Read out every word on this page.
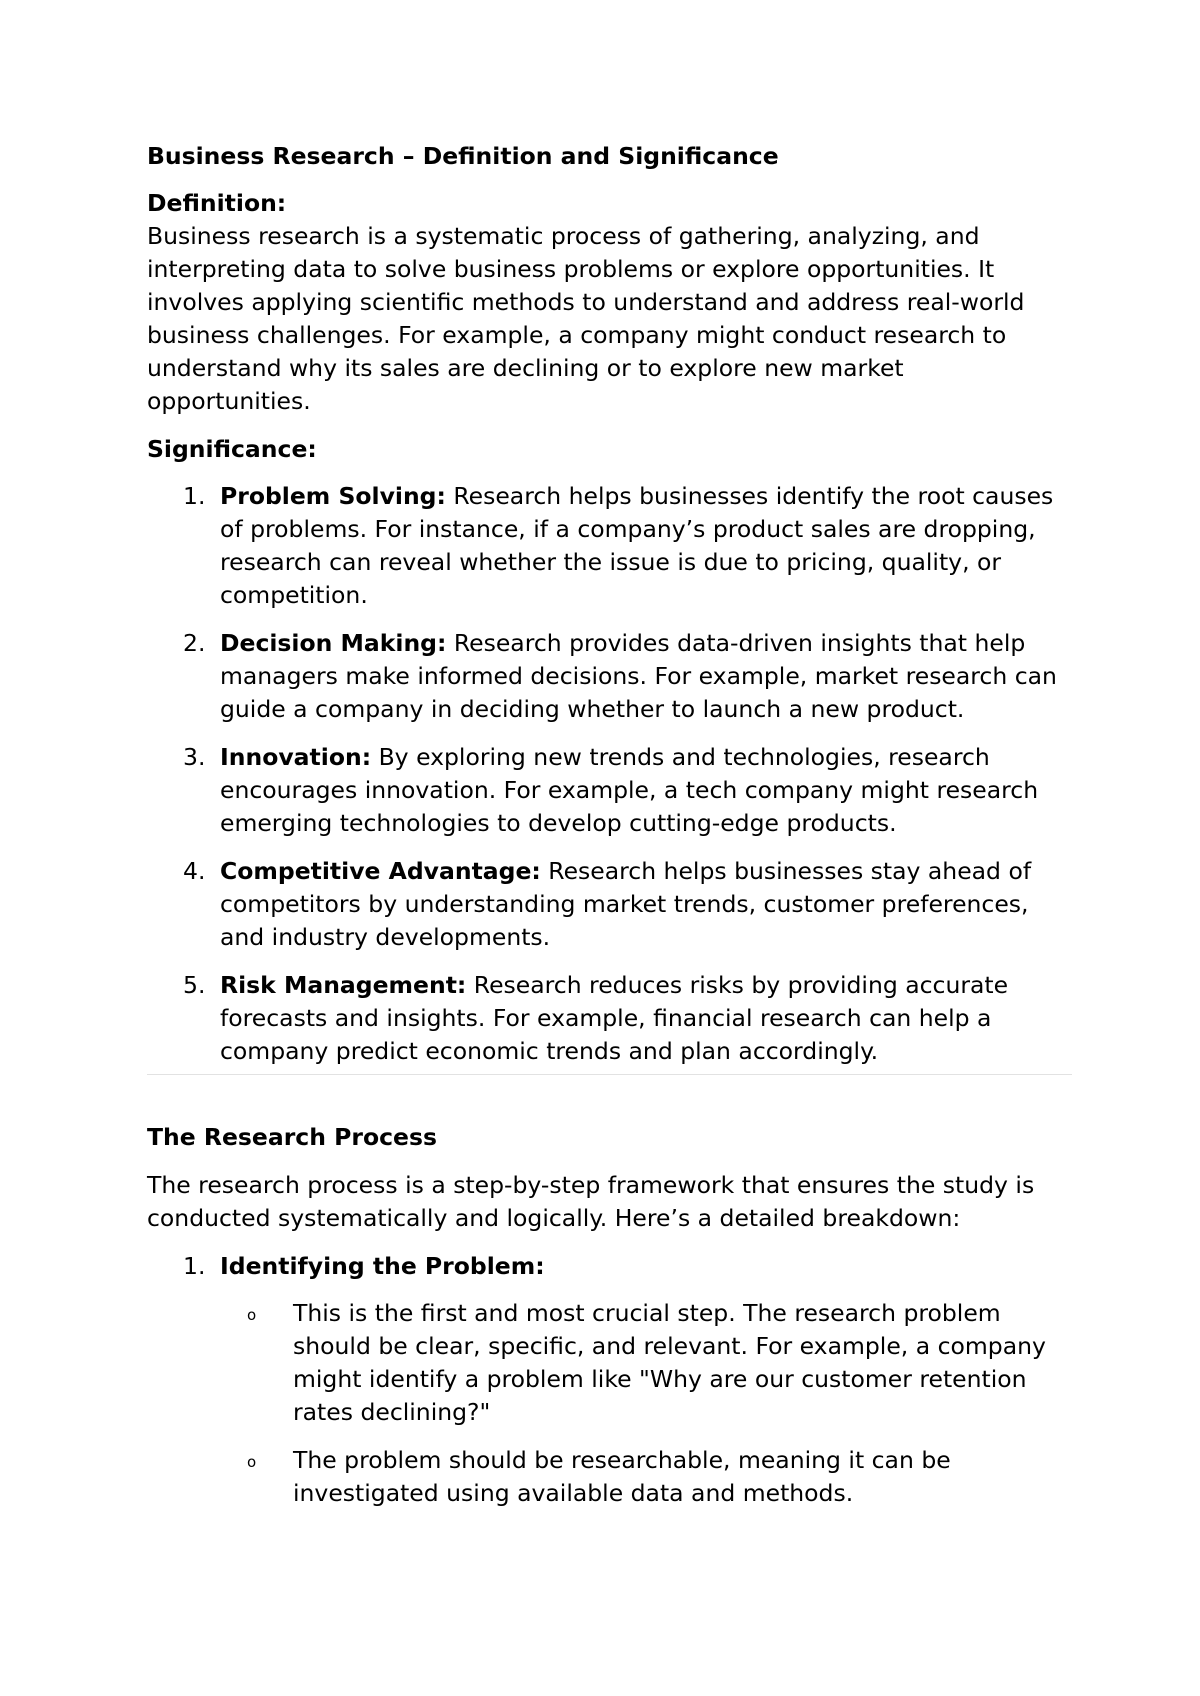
Business Research – Definition and Significance

Definition:

Business research is a systematic process of gathering, analyzing, and interpreting data to solve business problems or explore opportunities. It involves applying scientific methods to understand and address real-world business challenges. For example, a company might conduct research to understand why its sales are declining or to explore new market opportunities.

Significance:

1. Problem Solving: Research helps businesses identify the root causes of problems. For instance, if a company’s product sales are dropping, research can reveal whether the issue is due to pricing, quality, or competition.
2. Decision Making: Research provides data-driven insights that help managers make informed decisions. For example, market research can guide a company in deciding whether to launch a new product.
3. Innovation: By exploring new trends and technologies, research encourages innovation. For example, a tech company might research emerging technologies to develop cutting-edge products.
4. Competitive Advantage: Research helps businesses stay ahead of competitors by understanding market trends, customer preferences, and industry developments.
5. Risk Management: Research reduces risks by providing accurate forecasts and insights. For example, financial research can help a company predict economic trends and plan accordingly.

The Research Process

The research process is a step-by-step framework that ensures the study is conducted systematically and logically. Here’s a detailed breakdown:

1. Identifying the Problem:
o This is the first and most crucial step. The research problem should be clear, specific, and relevant. For example, a company might identify a problem like "Why are our customer retention rates declining?"
o The problem should be researchable, meaning it can be investigated using available data and methods.
